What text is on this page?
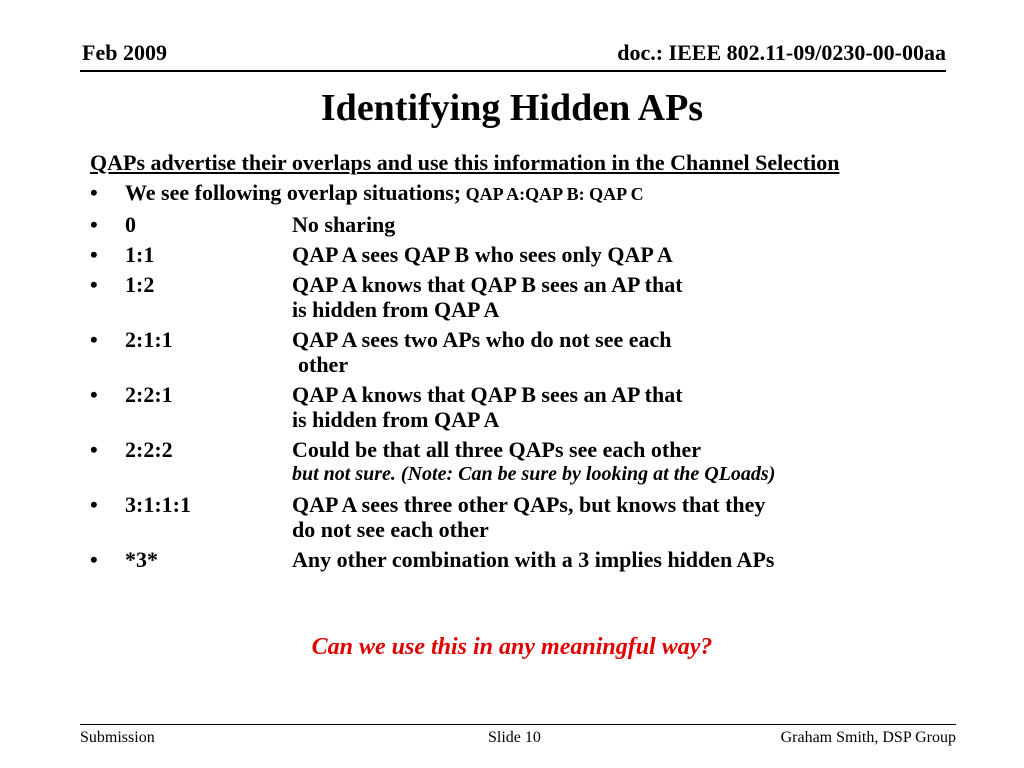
Feb 2009	doc.: IEEE 802.11-09/0230-00-00aa
Identifying Hidden APs
QAPs advertise their overlaps and use this information in the Channel Selection
•	We see following overlap situations; QAP A:QAP B: QAP C
•	0	No sharing
•	1:1	QAP A sees QAP B who sees only QAP A
•	1:2	QAP A knows that QAP B sees an AP that
is hidden from QAP A
•	2:1:1	QAP A sees two APs who do not see each
other
•	2:2:1	QAP A knows that QAP B sees an AP that
is hidden from QAP A
•	2:2:2	Could be that all three QAPs see each other
but not sure. (Note: Can be sure by looking at the QLoads)
•	3:1:1:1	QAP A sees three other QAPs, but knows that they
do not see each other
•	*3*	Any other combination with a 3 implies hidden APs
Can we use this in any meaningful way?
Submission	Slide 10	Graham Smith, DSP Group
